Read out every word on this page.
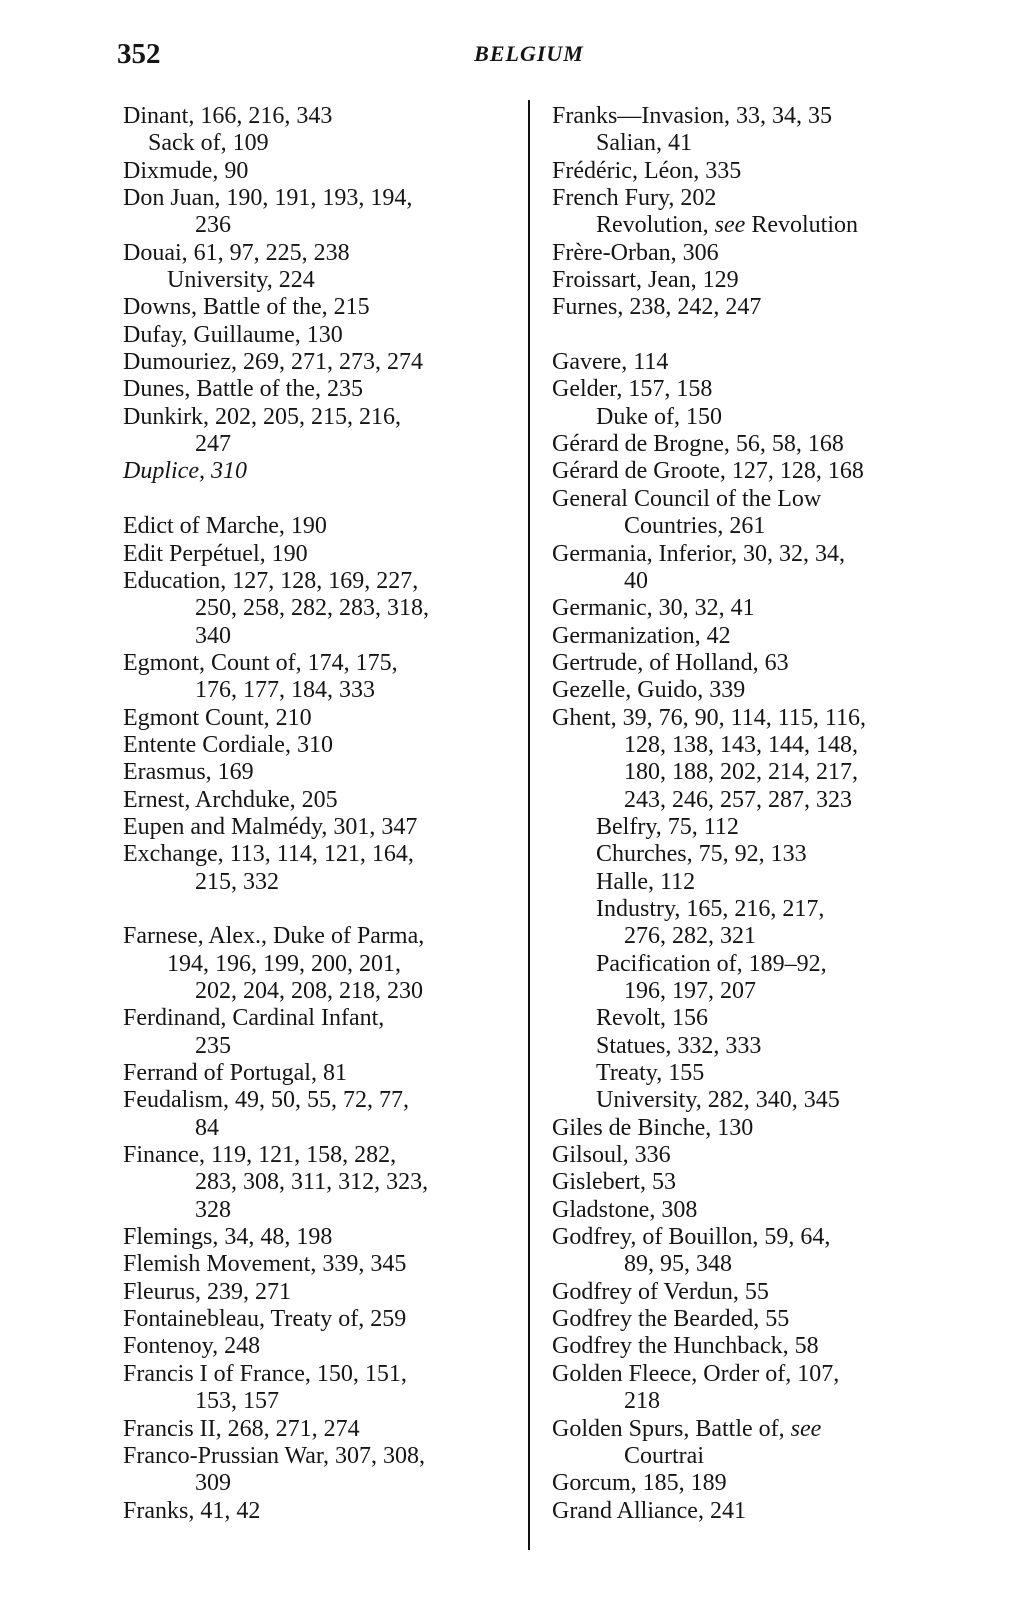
352	BELGIUM
Dinant, 166, 216, 343
Sack of, 109
Dixmude, 90
Don Juan, 190, 191, 193, 194,
236
Douai, 61, 97, 225, 238
University, 224
Downs, Battle of the, 215
Dufay, Guillaume, 130
Dumouriez, 269, 271, 273, 274
Dunes, Battle of the, 235
Dunkirk, 202, 205, 215, 216,
247
Duplice, 310
Edict of Marche, 190
Edit Perpétuel, 190
Education, 127, 128, 169, 227,
250, 258, 282, 283, 318,
340
Egmont, Count of, 174, 175,
176, 177, 184, 333
Egmont Count, 210
Entente Cordiale, 310
Erasmus, 169
Ernest, Archduke, 205
Eupen and Malmédy, 301, 347
Exchange, 113, 114, 121, 164,
215, 332
Farnese, Alex., Duke of Parma,
194, 196, 199, 200, 201,
202, 204, 208, 218, 230
Ferdinand, Cardinal Infant,
235
Ferrand of Portugal, 81
Feudalism, 49, 50, 55, 72, 77,
84
Finance, 119, 121, 158, 282,
283, 308, 311, 312, 323,
328
Flemings, 34, 48, 198
Flemish Movement, 339, 345
Fleurus, 239, 271
Fontainebleau, Treaty of, 259
Fontenoy, 248
Francis I of France, 150, 151,
153, 157
Francis II, 268, 271, 274
Franco-Prussian War, 307, 308,
309
Franks, 41, 42
Franks—Invasion, 33, 34, 35
Salian, 41
Frédéric, Léon, 335
French Fury, 202
Revolution, see Revolution
Frère-Orban, 306
Froissart, Jean, 129
Furnes, 238, 242, 247
Gavere, 114
Gelder, 157, 158
Duke of, 150
Gérard de Brogne, 56, 58, 168
Gérard de Groote, 127, 128, 168
General Council of the Low
Countries, 261
Germania, Inferior, 30, 32, 34,
40
Germanic, 30, 32, 41
Germanization, 42
Gertrude, of Holland, 63
Gezelle, Guido, 339
Ghent, 39, 76, 90, 114, 115, 116,
128, 138, 143, 144, 148,
180, 188, 202, 214, 217,
243, 246, 257, 287, 323
Belfry, 75, 112
Churches, 75, 92, 133
Halle, 112
Industry, 165, 216, 217,
276, 282, 321
Pacification of, 189–92,
196, 197, 207
Revolt, 156
Statues, 332, 333
Treaty, 155
University, 282, 340, 345
Giles de Binche, 130
Gilsoul, 336
Gislebert, 53
Gladstone, 308
Godfrey, of Bouillon, 59, 64,
89, 95, 348
Godfrey of Verdun, 55
Godfrey the Bearded, 55
Godfrey the Hunchback, 58
Golden Fleece, Order of, 107,
218
Golden Spurs, Battle of, see
Courtrai
Gorcum, 185, 189
Grand Alliance, 241
